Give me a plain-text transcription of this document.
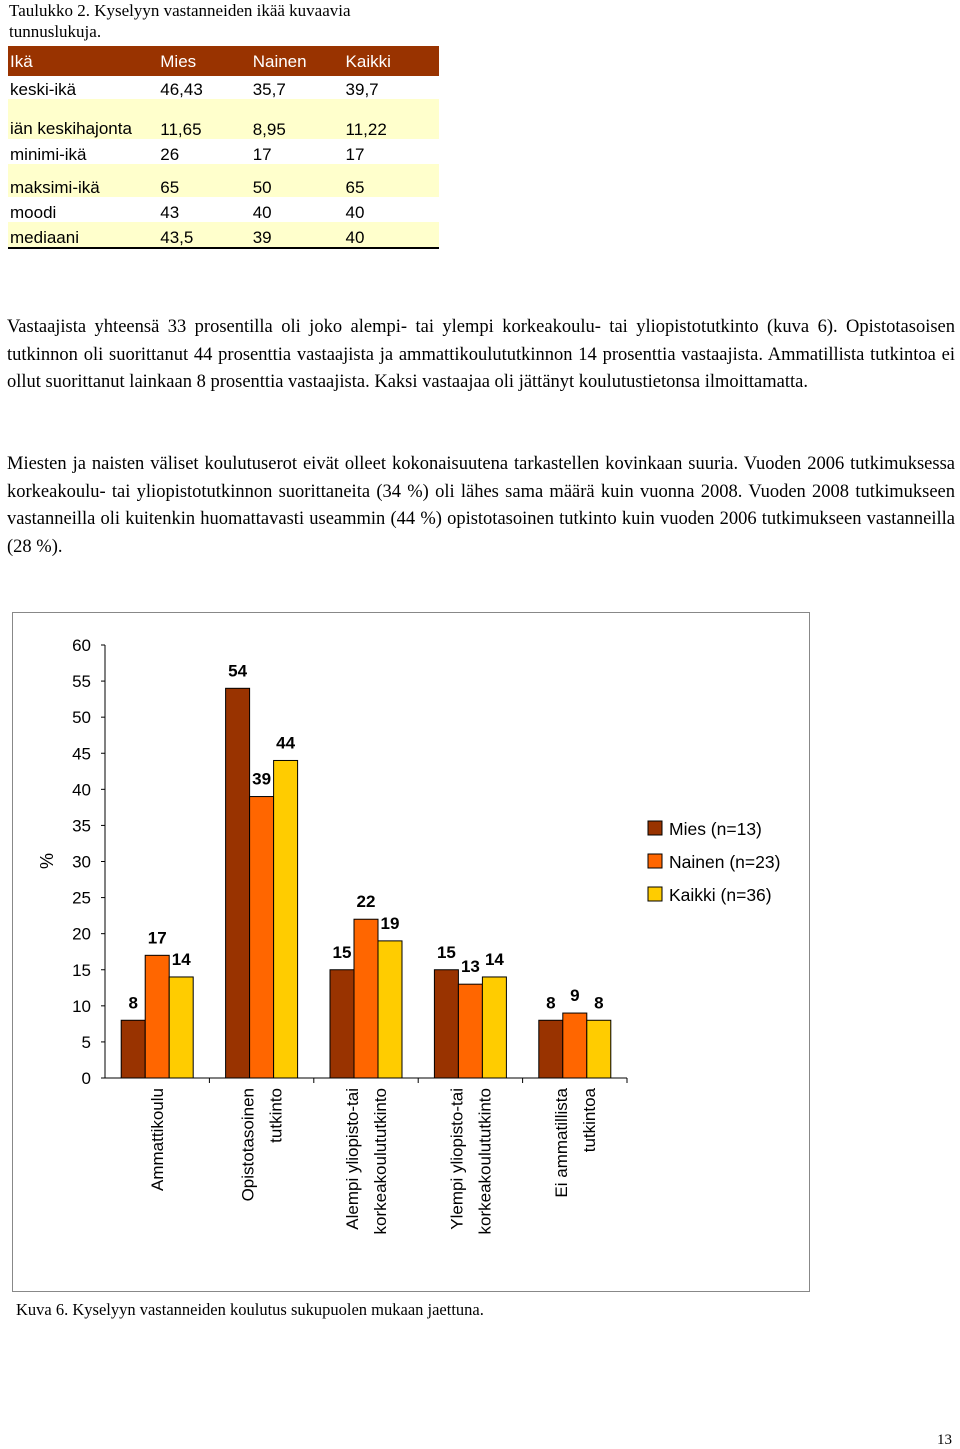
Taulukko 2. Kyselyyn vastanneiden ikää kuvaavia tunnuslukuja.
Ikä	Mies	Nainen	Kaikki
keski-ikä	46,43	35,7	39,7
iän keskihajonta	11,65	8,95	11,22
minimi-ikä	26	17	17
maksimi-ikä	65	50	65
moodi	43	40	40
mediaani	43,5	39	40

Vastaajista yhteensä 33 prosentilla oli joko alempi- tai ylempi korkeakoulu- tai yliopistotutkinto (kuva 6). Opistotasoisen tutkinnon oli suorittanut 44 prosenttia vastaajista ja ammattikoulututkinnon 14 prosenttia vastaajista. Ammatillista tutkintoa ei ollut suorittanut lainkaan 8 prosenttia vastaajista. Kaksi vastaajaa oli jättänyt koulutustietonsa ilmoittamatta.

Miesten ja naisten väliset koulutuserot eivät olleet kokonaisuutena tarkastellen kovinkaan suuria. Vuoden 2006 tutkimuksessa korkeakoulu- tai yliopistotutkinnon suorittaneita (34 %) oli lähes sama määrä kuin vuonna 2008. Vuoden 2008 tutkimukseen vastanneilla oli kuitenkin huomattavasti useammin (44 %) opistotasoinen tutkinto kuin vuoden 2006 tutkimukseen vastanneilla (28 %).

0
5
10
15
20
25
30
35
40
45
50
55
60
%
8
17
14
Ammattikoulu
54
39
44
Opistotasoinen tutkinto
15
22
19
Alempi yliopisto-tai korkeakoulututkinto
15
13 14
Ylempi yliopisto-tai korkeakoulututkinto
8 9 8
Ei ammatillista tutkintoa
Mies (n=13)
Nainen (n=23)
Kaikki (n=36)
Kuva 6. Kyselyyn vastanneiden koulutus sukupuolen mukaan jaettuna.
13
